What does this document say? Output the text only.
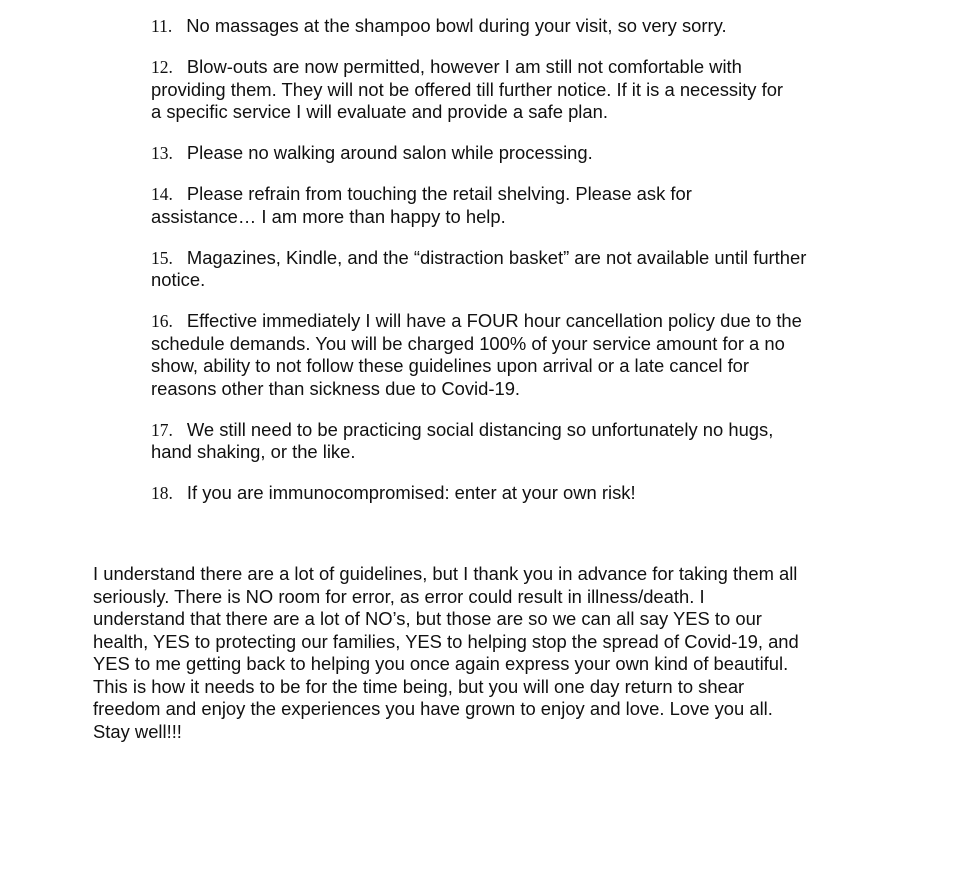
11. No massages at the shampoo bowl during your visit, so very sorry.

12. Blow-outs are now permitted, however I am still not comfortable with
providing them. They will not be offered till further notice. If it is a necessity for
a specific service I will evaluate and provide a safe plan.

13. Please no walking around salon while processing.

14. Please refrain from touching the retail shelving. Please ask for
assistance… I am more than happy to help.

15. Magazines, Kindle, and the “distraction basket” are not available until further
notice.

16. Effective immediately I will have a FOUR hour cancellation policy due to the
schedule demands. You will be charged 100% of your service amount for a no
show, ability to not follow these guidelines upon arrival or a late cancel for
reasons other than sickness due to Covid-19.

17. We still need to be practicing social distancing so unfortunately no hugs,
hand shaking, or the like.

18. If you are immunocompromised: enter at your own risk!

I understand there are a lot of guidelines, but I thank you in advance for taking them all
seriously. There is NO room for error, as error could result in illness/death. I
understand that there are a lot of NO’s, but those are so we can all say YES to our
health, YES to protecting our families, YES to helping stop the spread of Covid-19, and
YES to me getting back to helping you once again express your own kind of beautiful.
This is how it needs to be for the time being, but you will one day return to shear
freedom and enjoy the experiences you have grown to enjoy and love. Love you all.
Stay well!!!
